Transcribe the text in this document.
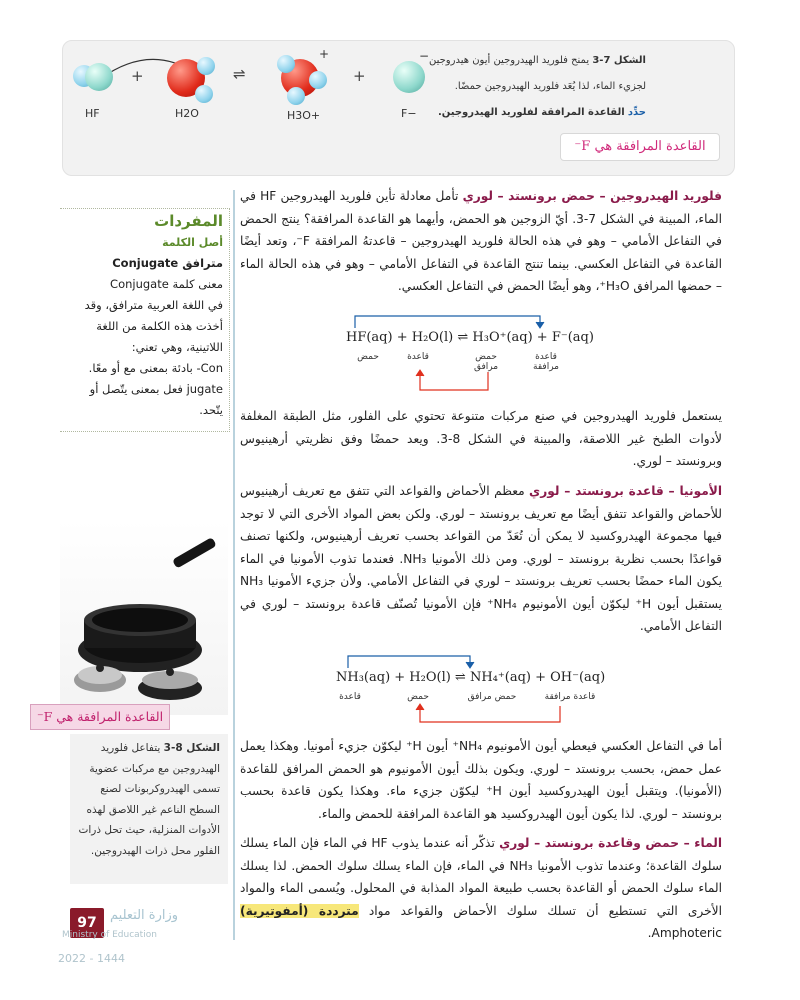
HF
+
H2O
⇌
+
H3O+
+
−
F−
الشكل 7-3 يمنح فلوريد الهيدروجين أيون هيدروجين
لجزيء الماء، لذا يُعَد فلوريد الهيدروجين حمضًا.
حدِّد القاعدة المرافقة لفلوريد الهيدروجين.
القاعدة المرافقة هي F⁻
المفردات
أصل الكلمة
مترافق Conjugate
معنى كلمة Conjugate
في اللغة العربية مترافق، وقد
أخذت هذه الكلمة من اللغة
اللاتينية، وهي تعني:
Con- بادئة بمعنى مع أو معًا.
jugate فعل بمعنى يتّصل أو
يتّحد.
فلوريد الهيدروجين – حمض برونستد – لوري تأمل معادلة تأين فلوريد الهيدروجين HF في الماء، المبينة في الشكل 7-3. أيّ الزوجين هو الحمض، وأيهما هو القاعدة المرافقة؟ ينتج الحمض في التفاعل الأمامي – وهو في هذه الحالة فلوريد الهيدروجين – قاعدتهُ المرافقة F⁻، وتعد أيضًا القاعدة في التفاعل العكسي. بينما تنتج القاعدة في التفاعل الأمامي – وهو في هذه الحالة الماء – حمضها المرافق H₃O⁺، وهو أيضًا الحمض في التفاعل العكسي.
HF(aq) + H₂O(l) ⇌ H₃O⁺(aq) + F⁻(aq)
حمض	قاعدة	حمض مرافق
قاعدة مرافقة
يستعمل فلوريد الهيدروجين في صنع مركبات متنوعة تحتوي على الفلور، مثل الطبقة المغلفة لأدوات الطبخ غير اللاصقة، والمبينة في الشكل 8-3. ويعد حمضًا وفق نظريتي أرهينيوس وبرونستد – لوري.
الأمونيا – قاعدة برونستد – لوري معظم الأحماض والقواعد التي تتفق مع تعريف أرهينيوس للأحماض والقواعد تتفق أيضًا مع تعريف برونستد – لوري. ولكن بعض المواد الأخرى التي لا توجد فيها مجموعة الهيدروكسيد لا يمكن أن تُعَدّ من القواعد بحسب تعريف أرهينيوس، ولكنها تصنف قواعدًا بحسب نظرية برونستد – لوري. ومن ذلك الأمونيا NH₃. فعندما تذوب الأمونيا في الماء يكون الماء حمضًا بحسب تعريف برونستد – لوري في التفاعل الأمامي. ولأن جزيء الأمونيا NH₃ يستقبل أيون H⁺ ليكوّن أيون الأمونيوم NH₄⁺ فإن الأمونيا تُصنّف قاعدة برونستد – لوري في التفاعل الأمامي.
NH₃(aq) + H₂O(l) ⇌ NH₄⁺(aq) + OH⁻(aq)
قاعدة	حمض	حمض مرافق	قاعدة مرافقة
أما في التفاعل العكسي فيعطي أيون الأمونيوم NH₄⁺ أيون H⁺ ليكوّن جزيء أمونيا. وهكذا يعمل عمل حمض، بحسب برونستد – لوري. ويكون بذلك أيون الأمونيوم هو الحمض المرافق للقاعدة (الأمونيا). ويتقبل أيون الهيدروكسيد أيون H⁺ ليكوّن جزيء ماء. وهكذا يكون قاعدة بحسب برونستد – لوري. لذا يكون أيون الهيدروكسيد هو القاعدة المرافقة للحمض والماء.
الماء – حمض وقاعدة برونستد – لوري تذكّر أنه عندما يذوب HF في الماء فإن الماء يسلك سلوك القاعدة؛ وعندما تذوب الأمونيا NH₃ في الماء، فإن الماء يسلك سلوك الحمض. لذا يسلك الماء سلوك الحمض أو القاعدة بحسب طبيعة المواد المذابة في المحلول. ويُسمى الماء والمواد الأخرى التي تستطيع أن تسلك سلوك الأحماض والقواعد مواد مترددة (أمفوتيرية) Amphoteric.
القاعدة المرافقة هي F⁻
الشكل 8-3 يتفاعل فلوريد الهيدروجين مع مركبات عضوية تسمى الهيدروكربونات لصنع السطح الناعم غير اللاصق لهذه الأدوات المنزلية، حيث تحل ذرات الفلور محل ذرات الهيدروجين.
97	وزارة التعليم
Ministry of Education
2022 - 1444
